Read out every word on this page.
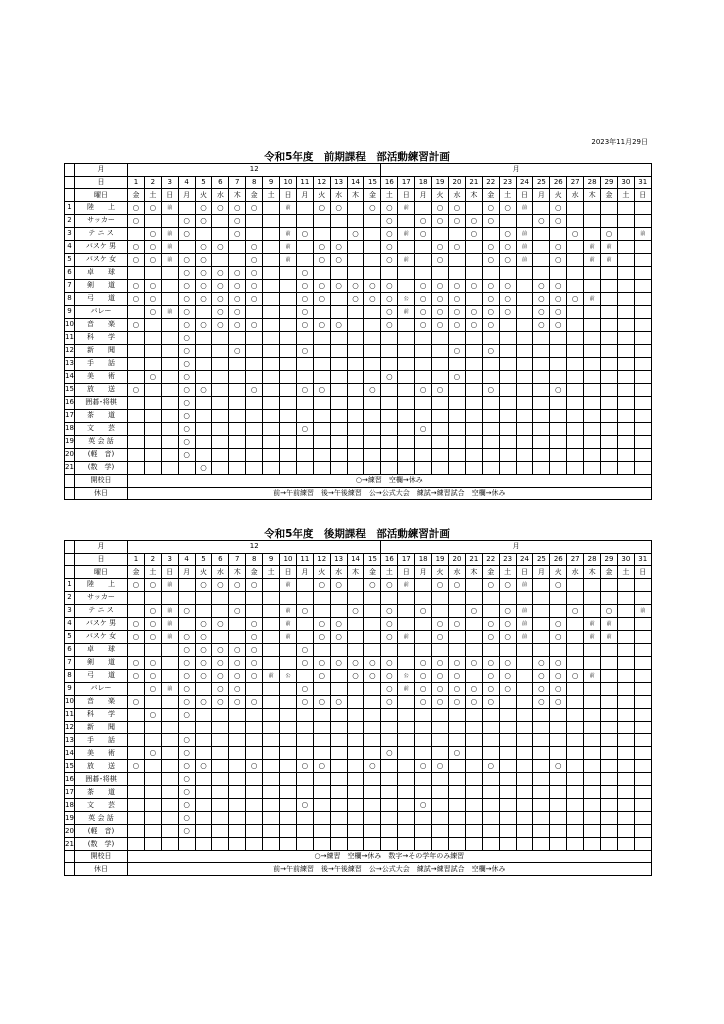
2023年11月29日
令和5年度　前期課程　部活動練習計画
	月	12															月															
	日	1	2	3	4	5	6	7	8	9	10	11	12	13	14	15	16	17	18	19	20	21	22	23	24	25	26	27	28	29	30	31
	曜日	金	土	日	月	火	水	木	金	土	日	月	火	水	木	金	土	日	月	火	水	木	金	土	日	月	火	水	木	金	土	日
1	陸　　上	○	○	前		○	○	○	○		前		○	○		○	○	前		○	○		○	○	前		○					
2	サッカー	○			○	○		○									○		○	○	○	○	○			○	○					
3	テ ニ ス		○	前	○			○			前	○			○		○	前	○			○		○	前			○		○		前
4	バスケ 男	○	○	前		○	○		○		前		○	○			○			○	○		○	○	前		○		前	前		
5	バスケ 女	○	○	前	○	○			○		前		○	○			○	前		○			○	○	前		○		前	前		
6	卓　　球				○	○	○	○	○			○																				
7	剣　　道	○	○		○	○	○	○	○			○	○	○	○	○	○		○	○	○	○	○	○		○	○					
8	弓　　道	○	○		○	○	○	○	○			○	○		○	○	○	公	○	○	○		○	○		○	○	○	前			
9	バレー		○	前	○		○	○				○					○	前	○	○	○	○	○	○		○	○					
10	音　　楽	○			○	○	○	○	○			○	○	○			○		○	○	○	○	○			○	○					
11	科　　学				○																											
12	新　　聞				○			○				○									○		○									
13	手　　話				○																											
14	美　　術		○		○												○				○											
15	放　　送	○			○	○			○			○	○			○			○	○			○				○					
16	囲碁･将棋				○																											
17	茶　　道				○																											
18	文　　芸				○							○							○													
19	英 会 話				○																											
20	(軽　音)				○																											
21	(数　学)					○																										
	開校日	○→練習　空欄→休み																														
	休日	前→午前練習　後→午後練習　公→公式大会　練試→練習試合　空欄→休み																														
令和5年度　後期課程　部活動練習計画
	月	12															月															
	日	1	2	3	4	5	6	7	8	9	10	11	12	13	14	15	16	17	18	19	20	21	22	23	24	25	26	27	28	29	30	31
	曜日	金	土	日	月	火	水	木	金	土	日	月	火	水	木	金	土	日	月	火	水	木	金	土	日	月	火	水	木	金	土	日
1	陸　　上	○	○	前		○	○	○	○		前		○	○		○	○	前		○	○		○	○	前		○					
2	サッカー																															
3	テ ニ ス		○	前	○			○			前	○			○		○		○			○		○	前			○		○		前
4	バスケ 男	○	○	前		○	○		○		前		○	○			○			○	○		○	○	前		○		前	前		
5	バスケ 女	○	○	前	○	○			○		前		○	○			○	前		○			○	○	前		○		前	前		
6	卓　　球				○	○	○	○	○			○																				
7	剣　　道	○	○		○	○	○	○	○			○	○	○	○	○	○		○	○	○	○	○	○		○	○					
8	弓　　道	○	○		○	○	○	○	○	前	公		○		○	○	○	公	○	○	○		○	○		○	○	○	前			
9	バレー		○	前	○		○	○				○					○	前	○	○	○	○	○	○		○	○					
10	音　　楽	○			○	○	○	○	○			○	○	○			○		○	○	○	○	○			○	○					
11	科　　学		○		○																											
12	新　　聞																															
13	手　　話				○																											
14	美　　術		○		○												○				○											
15	放　　送	○			○	○			○			○	○			○			○	○			○				○					
16	囲碁･将棋				○																											
17	茶　　道				○																											
18	文　　芸				○							○							○													
19	英 会 話				○																											
20	(軽　音)				○																											
21	(数　学)																															
	開校日	○→練習　空欄→休み　数字→その学年のみ練習																														
	休日	前→午前練習　後→午後練習　公→公式大会　練試→練習試合　空欄→休み																														
